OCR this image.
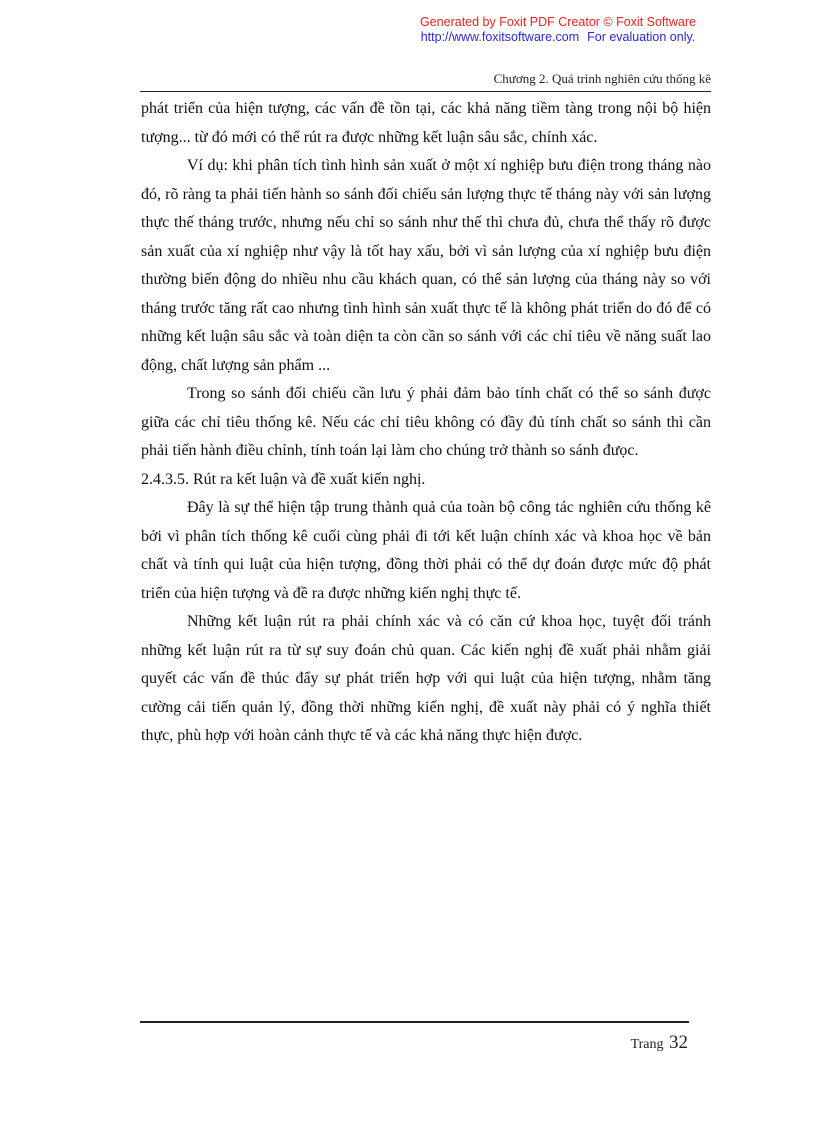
Generated by Foxit PDF Creator © Foxit Software
http://www.foxitsoftware.com For evaluation only.
Chương 2. Quá trình nghiên cứu thống kê

phát triển của hiện tượng, các vấn đề tồn tại, các khả năng tiềm tàng trong nội bộ hiện tượng... từ đó mới có thể rút ra được những kết luận sâu sắc, chính xác.

Ví dụ: khi phân tích tình hình sản xuất ở một xí nghiệp bưu điện trong tháng nào đó, rõ ràng ta phải tiến hành so sánh đối chiếu sản lượng thực tế tháng này với sản lượng thực thế tháng trước, nhưng nếu chỉ so sánh như thế thì chưa đủ, chưa thể thấy rõ được sản xuất của xí nghiệp như vậy là tốt hay xấu, bởi vì sản lượng của xí nghiệp bưu điện thường biến động do nhiều nhu cầu khách quan, có thể sản lượng của tháng này so với tháng trước tăng rất cao nhưng tình hình sản xuất thực tế là không phát triển do đó để có những kết luận sâu sắc và toàn diện ta còn cần so sánh với các chỉ tiêu về năng suất lao động, chất lượng sản phẩm ...

Trong so sánh đối chiếu cần lưu ý phải đảm bảo tính chất có thể so sánh được giữa các chỉ tiêu thống kê. Nếu các chỉ tiêu không có đầy đủ tính chất so sánh thì cần phải tiến hành điều chỉnh, tính toán lại làm cho chúng trở thành so sánh đưọc.

2.4.3.5. Rút ra kết luận và đề xuất kiến nghị.

Đây là sự thể hiện tập trung thành quả của toàn bộ công tác nghiên cứu thống kê bởi vì phân tích thống kê cuối cùng phải đi tới kết luận chính xác và khoa học về bản chất và tính qui luật của hiện tượng, đồng thời phải có thể dự đoán được mức độ phát triển của hiện tượng và đề ra được những kiến nghị thực tế.

Những kết luận rút ra phải chính xác và có căn cứ khoa học, tuyệt đối tránh những kết luận rút ra từ sự suy đoán chủ quan. Các kiến nghị đề xuất phải nhằm giải quyết các vấn đề thúc đẩy sự phát triển hợp với qui luật của hiện tượng, nhằm tăng cường cải tiến quản lý, đồng thời những kiến nghị, đề xuất này phải có ý nghĩa thiết thực, phù hợp với hoàn cảnh thực tế và các khả năng thực hiện được.

Trang 32
